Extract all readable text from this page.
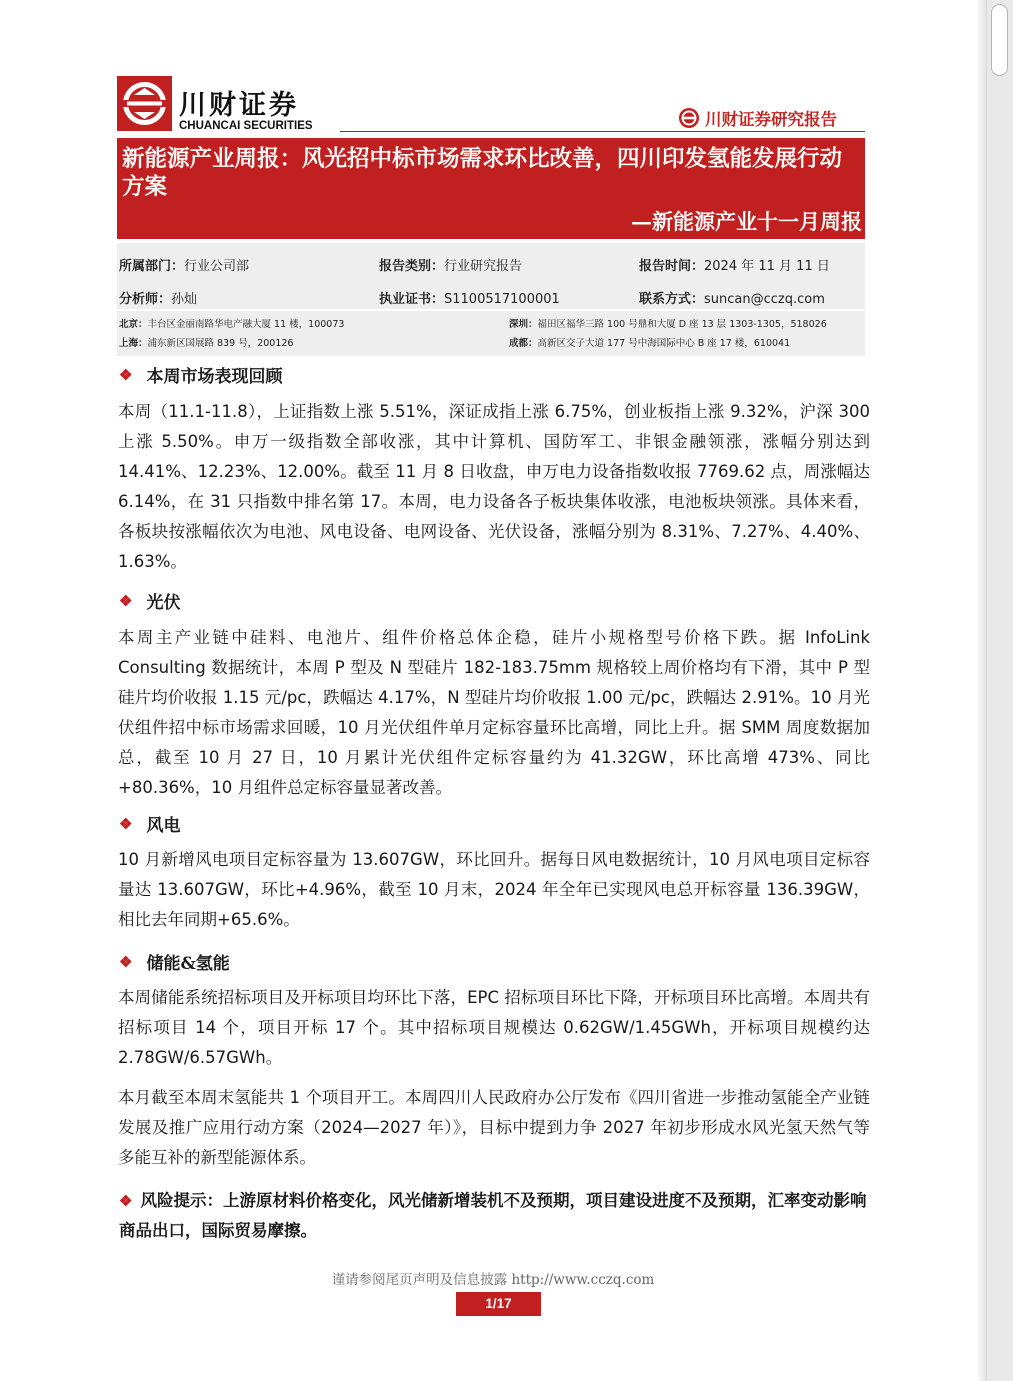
川财证券
CHUANCAI SECURITIES	川财证券研究报告
新能源产业周报：风光招中标市场需求环比改善，四川印发氢能发展行动方案
—新能源产业十一月周报
所属部门：行业公司部	报告类别：行业研究报告	报告时间：2024 年 11 月 11 日
分析师：孙灿	执业证书：S1100517100001	联系方式：suncan@cczq.com
北京：丰台区金丽南路华电产融大厦 11 楼，100073	深圳：福田区福华三路 100 号鼎和大厦 D 座 13 层 1303-1305，518026
上海：浦东新区国展路 839 号，200126	成都：高新区交子大道 177 号中海国际中心 B 座 17 楼，610041
❖ 本周市场表现回顾
本周（11.1-11.8），上证指数上涨 5.51%，深证成指上涨 6.75%，创业板指上涨 9.32%，沪深 300 上涨 5.50%。申万一级指数全部收涨，其中计算机、国防军工、非银金融领涨，涨幅分别达到 14.41%、12.23%、12.00%。截至 11 月 8 日收盘，申万电力设备指数收报 7769.62 点，周涨幅达 6.14%，在 31 只指数中排名第 17。本周，电力设备各子板块集体收涨，电池板块领涨。具体来看，各板块按涨幅依次为电池、风电设备、电网设备、光伏设备，涨幅分别为 8.31%、7.27%、4.40%、1.63%。
❖ 光伏
本周主产业链中硅料、电池片、组件价格总体企稳，硅片小规格型号价格下跌。据 InfoLink Consulting 数据统计，本周 P 型及 N 型硅片 182-183.75mm 规格较上周价格均有下滑，其中 P 型硅片均价收报 1.15 元/pc，跌幅达 4.17%，N 型硅片均价收报 1.00 元/pc，跌幅达 2.91%。10 月光伏组件招中标市场需求回暖，10 月光伏组件单月定标容量环比高增，同比上升。据 SMM 周度数据加总，截至 10 月 27 日，10 月累计光伏组件定标容量约为 41.32GW，环比高增 473%、同比+80.36%，10 月组件总定标容量显著改善。
❖ 风电
10 月新增风电项目定标容量为 13.607GW，环比回升。据每日风电数据统计，10 月风电项目定标容量达 13.607GW，环比+4.96%，截至 10 月末，2024 年全年已实现风电总开标容量 136.39GW，相比去年同期+65.6%。
❖ 储能&氢能
本周储能系统招标项目及开标项目均环比下落，EPC 招标项目环比下降，开标项目环比高增。本周共有招标项目 14 个，项目开标 17 个。其中招标项目规模达 0.62GW/1.45GWh，开标项目规模约达 2.78GW/6.57GWh。
本月截至本周末氢能共 1 个项目开工。本周四川人民政府办公厅发布《四川省进一步推动氢能全产业链发展及推广应用行动方案（2024—2027 年）》，目标中提到力争 2027 年初步形成水风光氢天然气等多能互补的新型能源体系。
❖ 风险提示：上游原材料价格变化，风光储新增装机不及预期，项目建设进度不及预期，汇率变动影响商品出口，国际贸易摩擦。
谨请参阅尾页声明及信息披露 http://www.cczq.com
1/17
